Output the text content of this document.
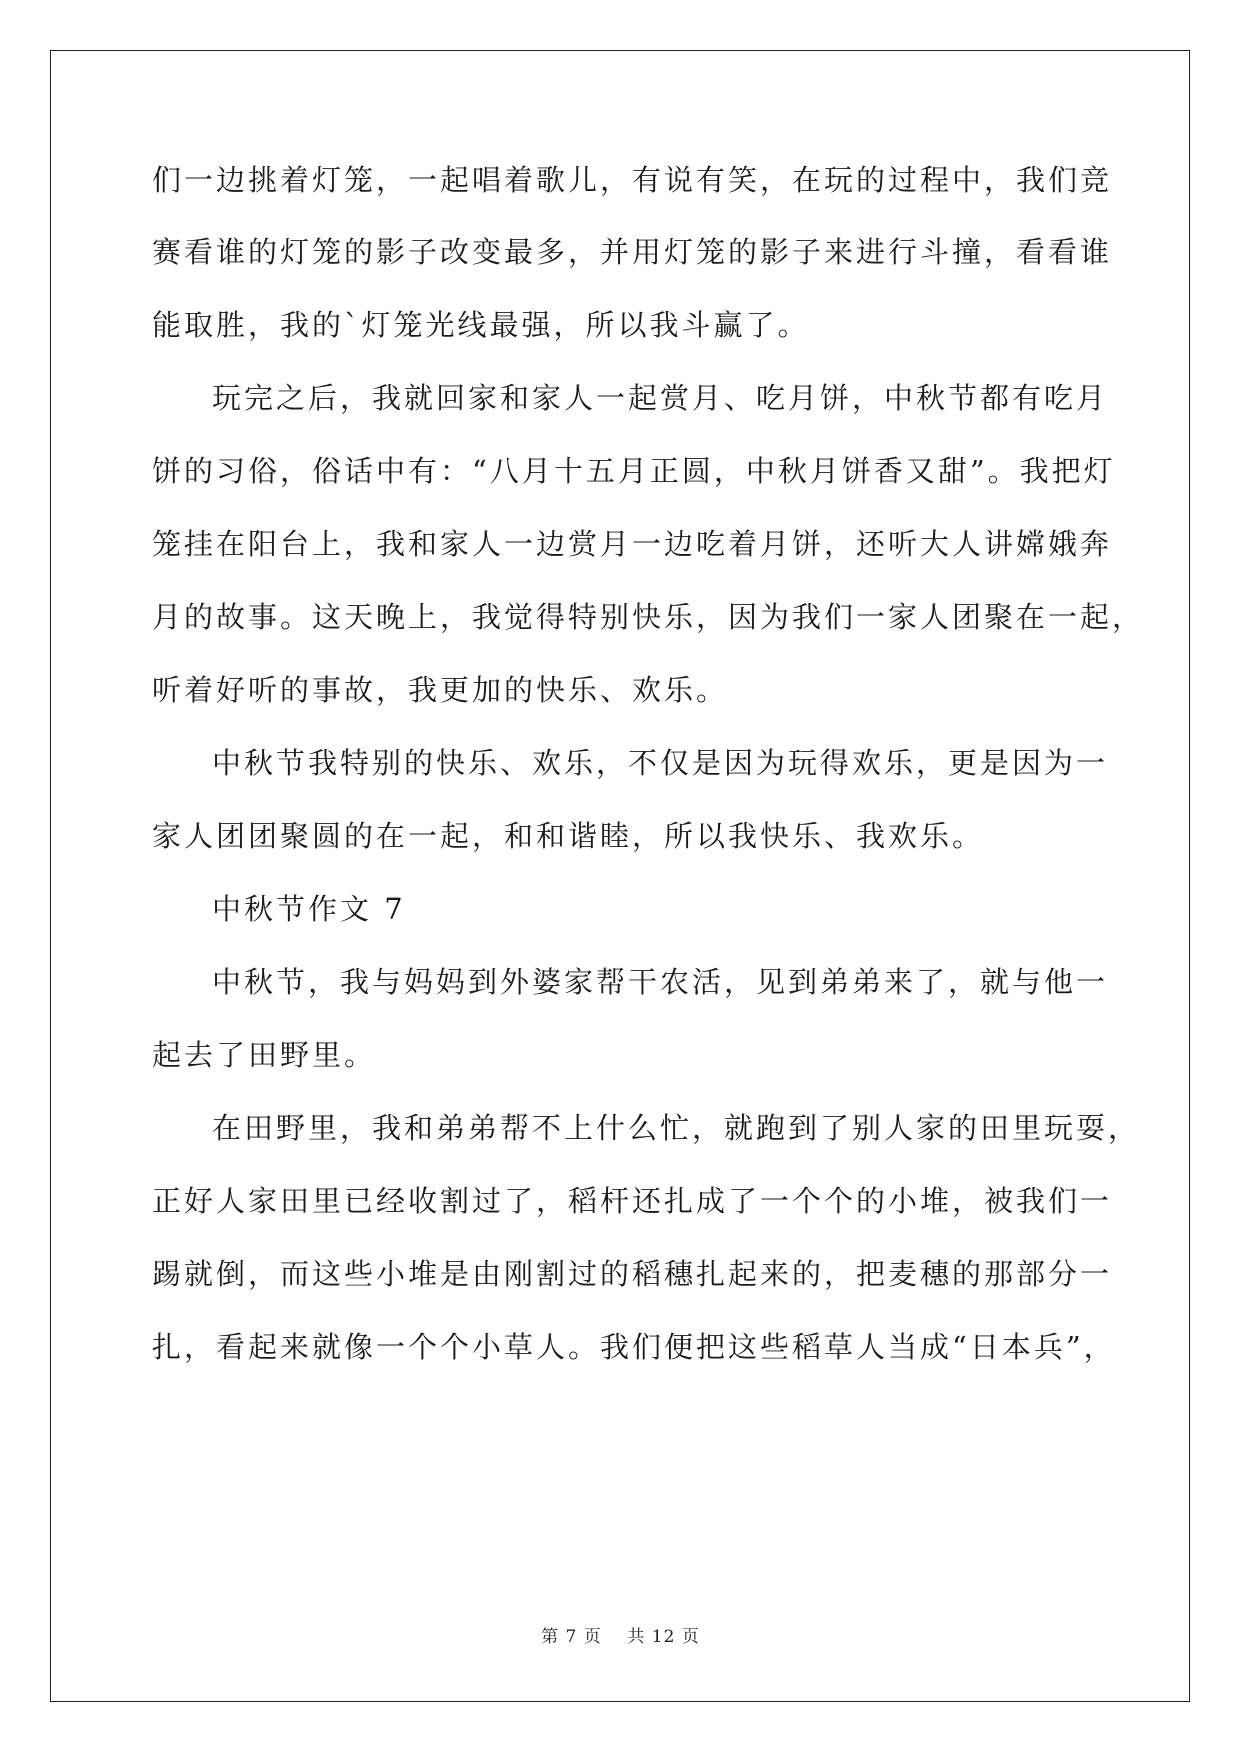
们一边挑着灯笼，一起唱着歌儿，有说有笑，在玩的过程中，我们竞
赛看谁的灯笼的影子改变最多，并用灯笼的影子来进行斗撞，看看谁
能取胜，我的`灯笼光线最强，所以我斗赢了。
玩完之后，我就回家和家人一起赏月、吃月饼，中秋节都有吃月
饼的习俗，俗话中有：“八月十五月正圆，中秋月饼香又甜”。我把灯
笼挂在阳台上，我和家人一边赏月一边吃着月饼，还听大人讲嫦娥奔
月的故事。这天晚上，我觉得特别快乐，因为我们一家人团聚在一起，
听着好听的事故，我更加的快乐、欢乐。
中秋节我特别的快乐、欢乐，不仅是因为玩得欢乐，更是因为一
家人团团聚圆的在一起，和和谐睦，所以我快乐、我欢乐。
中秋节作文 7
中秋节，我与妈妈到外婆家帮干农活，见到弟弟来了，就与他一
起去了田野里。
在田野里，我和弟弟帮不上什么忙，就跑到了别人家的田里玩耍，
正好人家田里已经收割过了，稻杆还扎成了一个个的小堆，被我们一
踢就倒，而这些小堆是由刚割过的稻穗扎起来的，把麦穗的那部分一
扎，看起来就像一个个小草人。我们便把这些稻草人当成“日本兵”，
第 7 页 共 12 页
